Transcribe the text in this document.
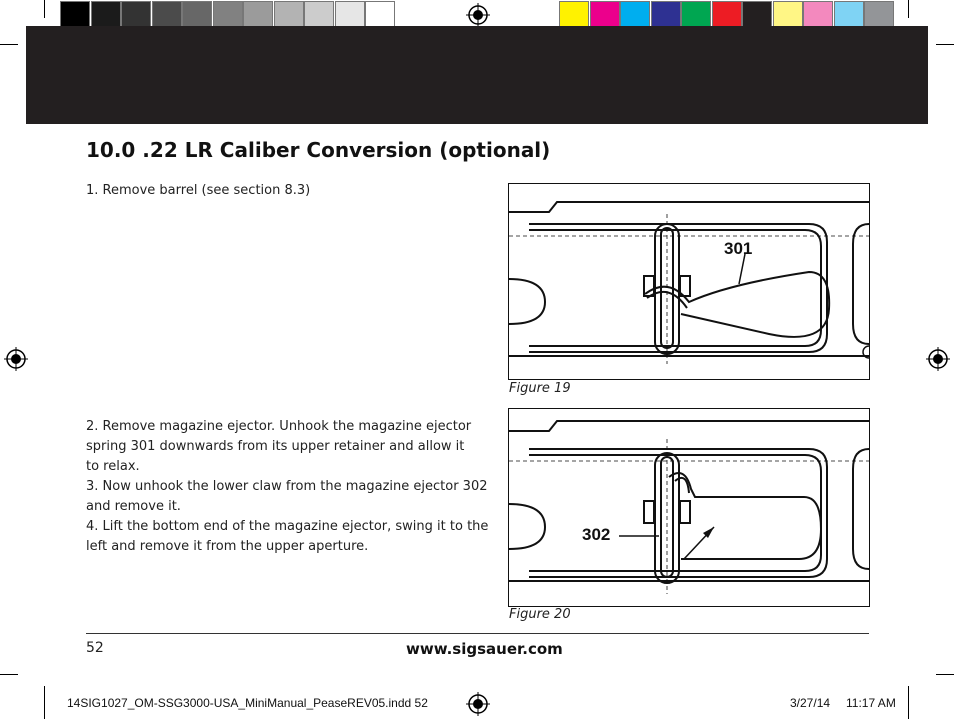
10.0 .22 LR Caliber Conversion (optional)
1. Remove barrel (see section 8.3)
2. Remove magazine ejector. Unhook the magazine ejector
spring 301 downwards from its upper retainer and allow it
to relax.
3. Now unhook the lower claw from the magazine ejector 302
and remove it.
4. Lift the bottom end of the magazine ejector, swing it to the
left and remove it from the upper aperture.
301
Figure 19
302
Figure 20
52	www.sigsauer.com
14SIG1027_OM-SSG3000-USA_MiniManual_PeaseREV05.indd 52	3/27/14 11:17 AM
